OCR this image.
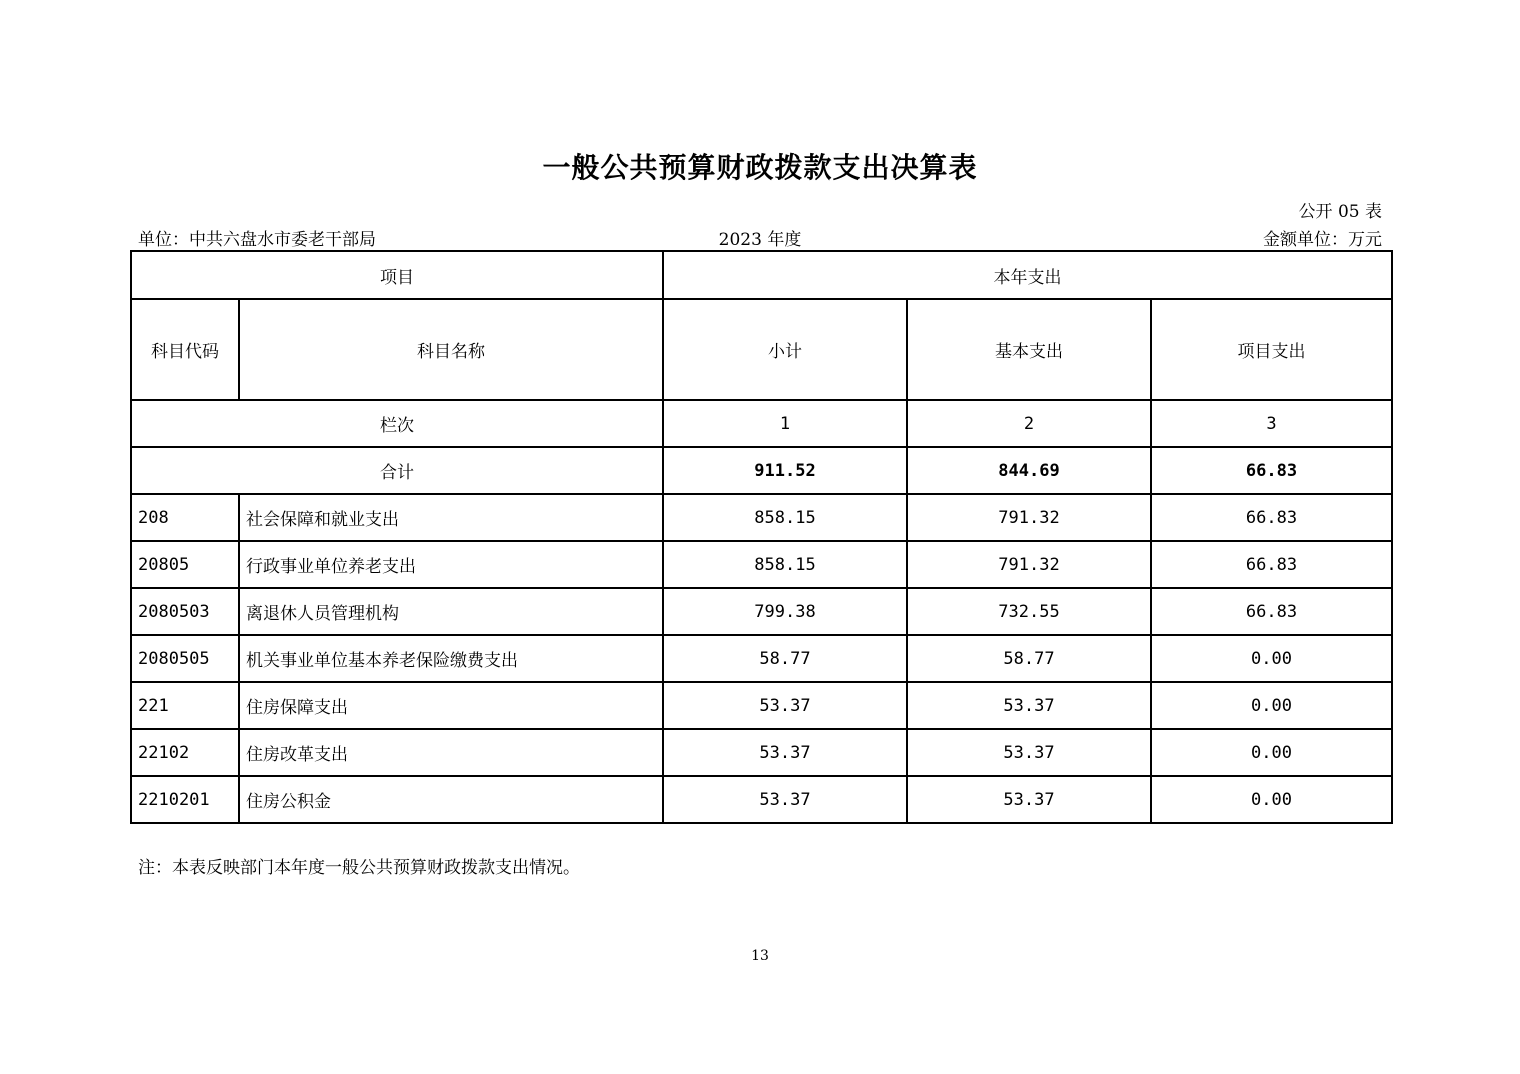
一般公共预算财政拨款支出决算表
公开 05 表
单位：中共六盘水市委老干部局	2023 年度	金额单位：万元
项目		本年支出		
科目代码	科目名称	小计	基本支出	项目支出
栏次		1	2	3
合计		911.52	844.69	66.83
208	社会保障和就业支出	858.15	791.32	66.83
20805	行政事业单位养老支出	858.15	791.32	66.83
2080503	离退休人员管理机构	799.38	732.55	66.83
2080505	机关事业单位基本养老保险缴费支出	58.77	58.77	0.00
221	住房保障支出	53.37	53.37	0.00
22102	住房改革支出	53.37	53.37	0.00
2210201	住房公积金	53.37	53.37	0.00
注：本表反映部门本年度一般公共预算财政拨款支出情况。
13
